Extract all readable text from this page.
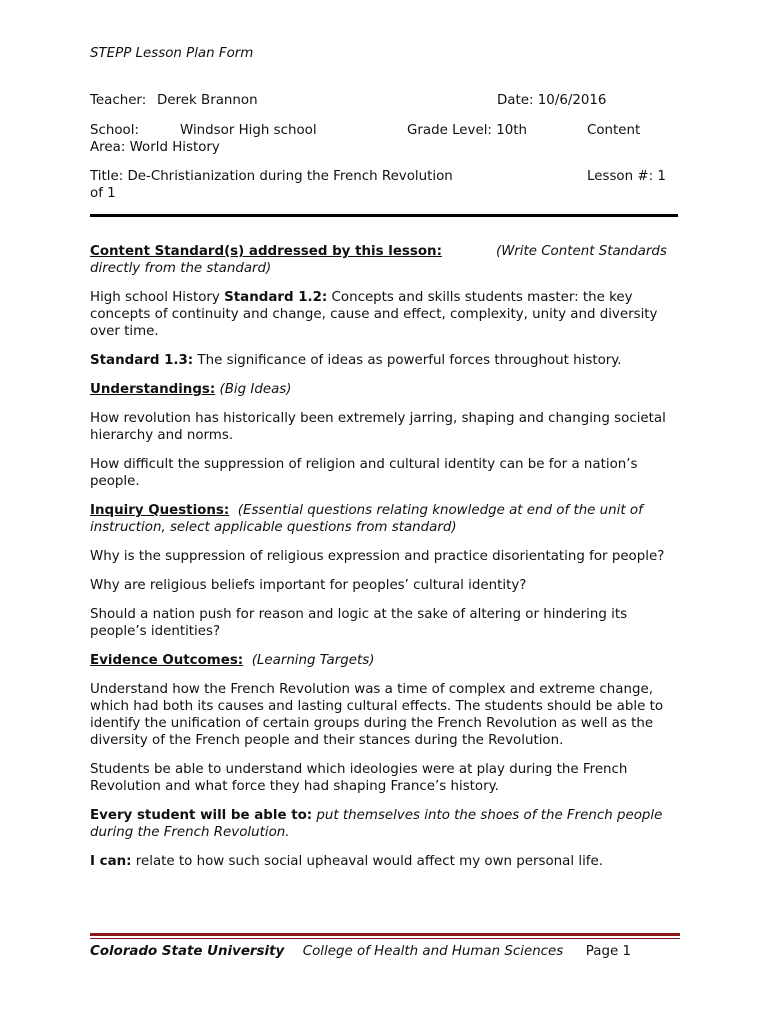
STEPP Lesson Plan Form
Teacher: Derek Brannon	Date: 10/6/2016
School:	Windsor High school	Grade Level: 10th	Content
Area: World History
Title: De-Christianization during the French Revolution	Lesson #: 1
of 1

Content Standard(s) addressed by this lesson:	(Write Content Standards

directly from the standard)

High school History Standard 1.2: Concepts and skills students master: the key concepts of continuity and change, cause and effect, complexity, unity and diversity over time.

Standard 1.3: The significance of ideas as powerful forces throughout history.

Understandings: (Big Ideas)

How revolution has historically been extremely jarring, shaping and changing societal hierarchy and norms.

How difficult the suppression of religion and cultural identity can be for a nation’s people.

Inquiry Questions: (Essential questions relating knowledge at end of the unit of instruction, select applicable questions from standard)

Why is the suppression of religious expression and practice disorientating for people?

Why are religious beliefs important for peoples’ cultural identity?

Should a nation push for reason and logic at the sake of altering or hindering its people’s identities?

Evidence Outcomes: (Learning Targets)

Understand how the French Revolution was a time of complex and extreme change, which had both its causes and lasting cultural effects. The students should be able to identify the unification of certain groups during the French Revolution as well as the diversity of the French people and their stances during the Revolution.

Students be able to understand which ideologies were at play during the French Revolution and what force they had shaping France’s history.

Every student will be able to: put themselves into the shoes of the French people during the French Revolution.

I can: relate to how such social upheaval would affect my own personal life.

Colorado State University College of Health and Human Sciences Page 1
